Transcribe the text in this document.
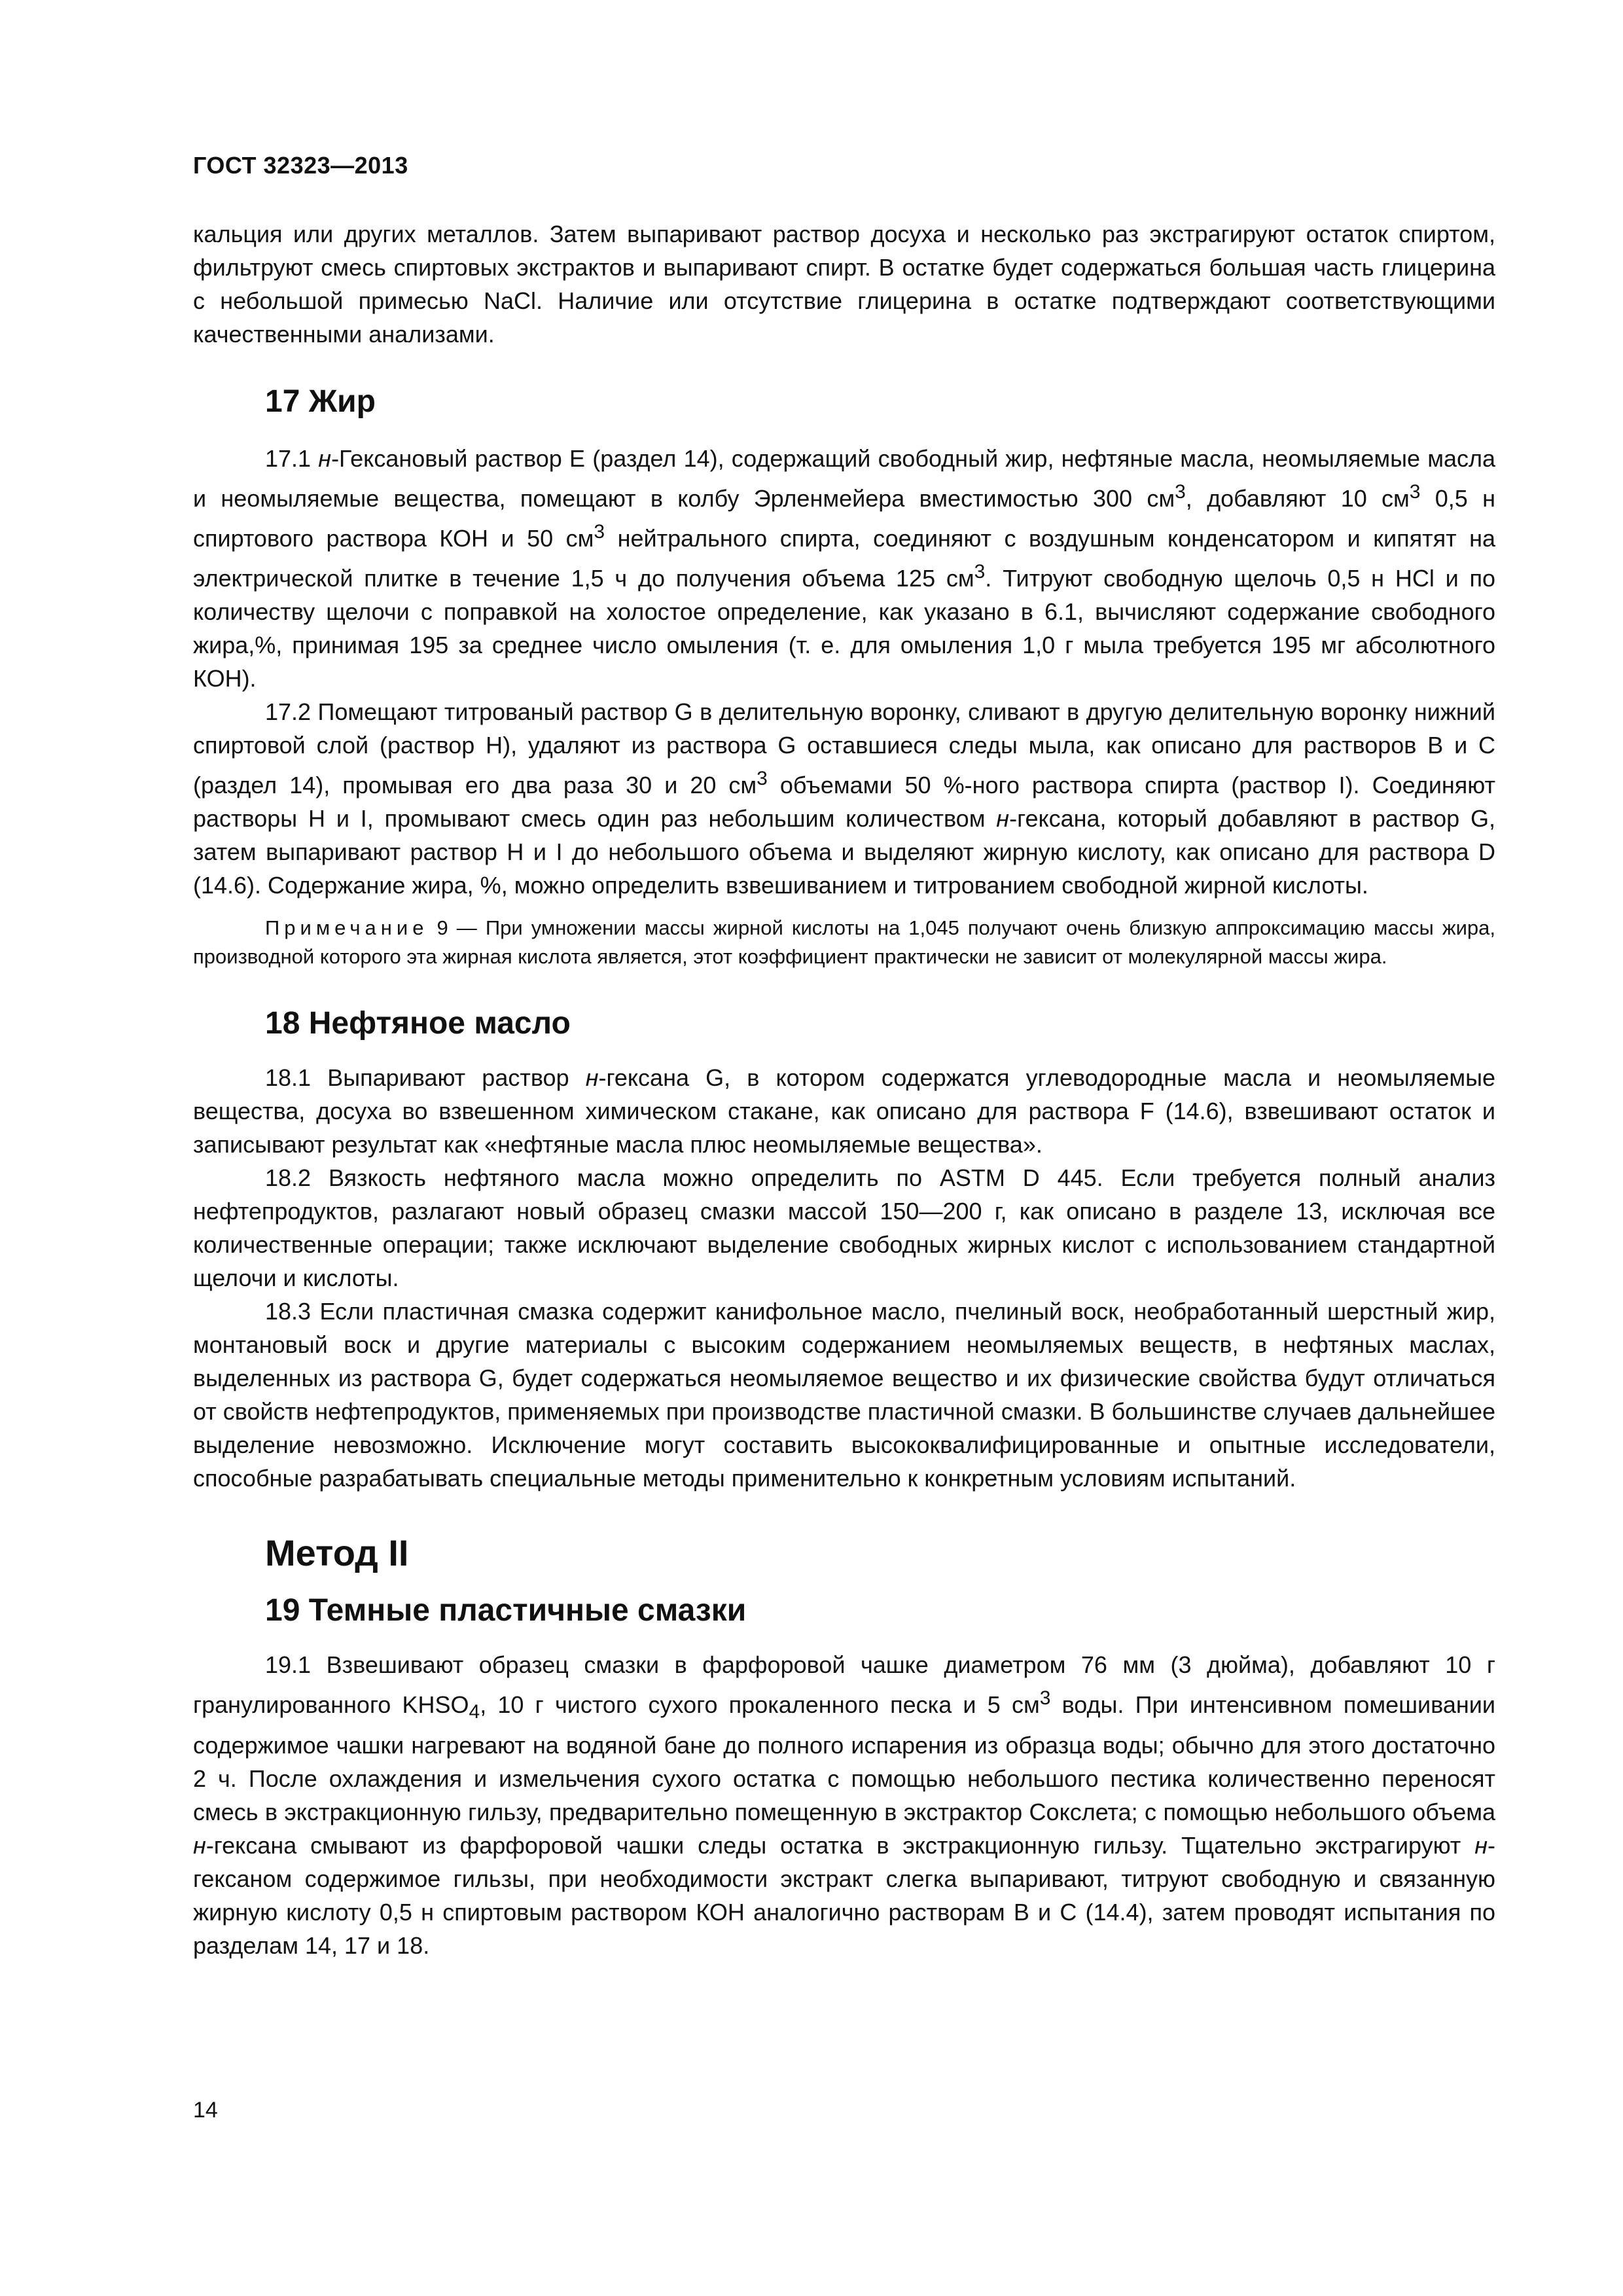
ГОСТ 32323—2013

кальция или других металлов. Затем выпаривают раствор досуха и несколько раз экстрагируют остаток спиртом, фильтруют смесь спиртовых экстрактов и выпаривают спирт. В остатке будет содержаться большая часть глицерина с небольшой примесью NaCl. Наличие или отсутствие глицерина в остатке подтверждают соответствующими качественными анализами.

17 Жир

17.1 н-Гексановый раствор Е (раздел 14), содержащий свободный жир, нефтяные масла, неомыляемые масла и неомыляемые вещества, помещают в колбу Эрленмейера вместимостью 300 $см^3$, добавляют 10 $см^3$ 0,5 н спиртового раствора КОН и 50 $см^3$ нейтрального спирта, соединяют с воздушным конденсатором и кипятят на электрической плитке в течение 1,5 ч до получения объема 125 $см^3$. Титруют свободную щелочь 0,5 н HCl и по количеству щелочи с поправкой на холостое определение, как указано в 6.1, вычисляют содержание свободного жира,%, принимая 195 за среднее число омыления (т. е. для омыления 1,0 г мыла требуется 195 мг абсолютного КОН).

17.2 Помещают титрованый раствор G в делительную воронку, сливают в другую делительную воронку нижний спиртовой слой (раствор H), удаляют из раствора G оставшиеся следы мыла, как описано для растворов В и С (раздел 14), промывая его два раза 30 и 20 $см^3$ объемами 50 %-ного раствора спирта (раствор I). Соединяют растворы H и I, промывают смесь один раз небольшим количеством н-гексана, который добавляют в раствор G, затем выпаривают раствор H и I до небольшого объема и выделяют жирную кислоту, как описано для раствора D (14.6). Содержание жира, %, можно определить взвешиванием и титрованием свободной жирной кислоты.

Примечание 9 — При умножении массы жирной кислоты на 1,045 получают очень близкую аппроксимацию массы жира, производной которого эта жирная кислота является, этот коэффициент практически не зависит от молекулярной массы жира.

18 Нефтяное масло

18.1 Выпаривают раствор н-гексана G, в котором содержатся углеводородные масла и неомыляемые вещества, досуха во взвешенном химическом стакане, как описано для раствора F (14.6), взвешивают остаток и записывают результат как «нефтяные масла плюс неомыляемые вещества».

18.2 Вязкость нефтяного масла можно определить по ASTM D 445. Если требуется полный анализ нефтепродуктов, разлагают новый образец смазки массой 150—200 г, как описано в разделе 13, исключая все количественные операции; также исключают выделение свободных жирных кислот с использованием стандартной щелочи и кислоты.

18.3 Если пластичная смазка содержит канифольное масло, пчелиный воск, необработанный шерстный жир, монтановый воск и другие материалы с высоким содержанием неомыляемых веществ, в нефтяных маслах, выделенных из раствора G, будет содержаться неомыляемое вещество и их физические свойства будут отличаться от свойств нефтепродуктов, применяемых при производстве пластичной смазки. В большинстве случаев дальнейшее выделение невозможно. Исключение могут составить высококвалифицированные и опытные исследователи, способные разрабатывать специальные методы применительно к конкретным условиям испытаний.

Метод II
19 Темные пластичные смазки

19.1 Взвешивают образец смазки в фарфоровой чашке диаметром 76 мм (3 дюйма), добавляют 10 г гранулированного $KHSO_4$, 10 г чистого сухого прокаленного песка и 5 $см^3$ воды. При интенсивном помешивании содержимое чашки нагревают на водяной бане до полного испарения из образца воды; обычно для этого достаточно 2 ч. После охлаждения и измельчения сухого остатка с помощью небольшого пестика количественно переносят смесь в экстракционную гильзу, предварительно помещенную в экстрактор Сокслета; с помощью небольшого объема н-гексана смывают из фарфоровой чашки следы остатка в экстракционную гильзу. Тщательно экстрагируют н-гексаном содержимое гильзы, при необходимости экстракт слегка выпаривают, титруют свободную и связанную жирную кислоту 0,5 н спиртовым раствором КОН аналогично растворам В и С (14.4), затем проводят испытания по разделам 14, 17 и 18.

14
